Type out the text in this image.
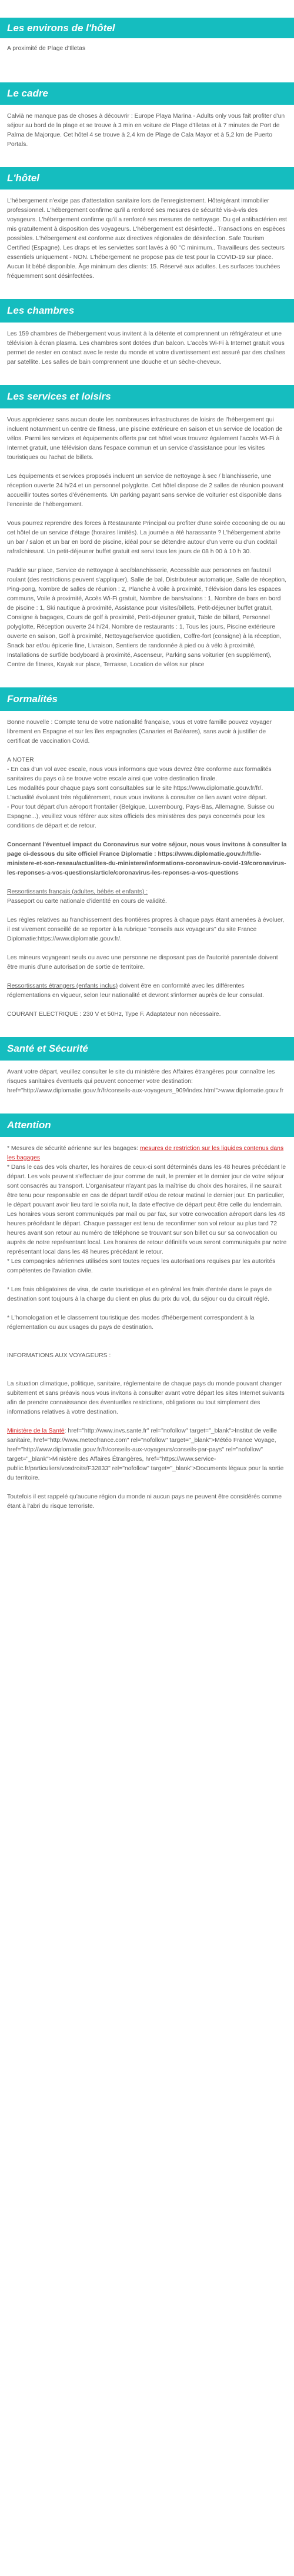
Les environs de l'hôtel

A proximité de Plage d'Illetas

Le cadre

Calvià ne manque pas de choses à découvrir : Europe Playa Marina - Adults only vous fait profiter d'un séjour au bord de la plage et se trouve à 3 min en voiture de Plage d'Illetas et à 7 minutes de Port de Palma de Majorque. Cet hôtel 4 se trouve à 2,4 km de Plage de Cala Mayor et à 5,2 km de Puerto Portals.

L'hôtel

L'hébergement n'exige pas d'attestation sanitaire lors de l'enregistrement. Hôte/gérant immobilier professionnel. L'hébergement confirme qu'il a renforcé ses mesures de sécurité vis-à-vis des voyageurs. L'hébergement confirme qu'il a renforcé ses mesures de nettoyage. Du gel antibactérien est mis gratuitement à disposition des voyageurs. L'hébergement est désinfecté.. Transactions en espèces possibles. L'hébergement est conforme aux directives régionales de désinfection. Safe Tourism Certified (Espagne). Les draps et les serviettes sont lavés à 60 °C minimum.. Travailleurs des secteurs essentiels uniquement - NON. L'hébergement ne propose pas de test pour la COVID-19 sur place. Aucun lit bébé disponible. Âge minimum des clients: 15. Réservé aux adultes. Les surfaces touchées fréquemment sont désinfectées.

Les chambres

Les 159 chambres de l'hébergement vous invitent à la détente et comprennent un réfrigérateur et une télévision à écran plasma. Les chambres sont dotées d'un balcon. L'accès Wi-Fi à Internet gratuit vous permet de rester en contact avec le reste du monde et votre divertissement est assuré par des chaînes par satellite. Les salles de bain comprennent une douche et un sèche-cheveux.

Les services et loisirs

Vous apprécierez sans aucun doute les nombreuses infrastructures de loisirs de l'hébergement qui incluent notamment un centre de fitness, une piscine extérieure en saison et un service de location de vélos. Parmi les services et équipements offerts par cet hôtel vous trouvez également l'accès Wi-Fi à Internet gratuit, une télévision dans l'espace commun et un service d'assistance pour les visites touristiques ou l'achat de billets.

Les équipements et services proposés incluent un service de nettoyage à sec / blanchisserie, une réception ouverte 24 h/24 et un personnel polyglotte. Cet hôtel dispose de 2 salles de réunion pouvant accueillir toutes sortes d'événements. Un parking payant sans service de voiturier est disponible dans l'enceinte de l'hébergement.

Vous pourrez reprendre des forces à Restaurante Principal ou profiter d'une soirée cocooning de ou au cet hôtel de un service d'étage (horaires limités). La journée a été harassante ? L'hébergement abrite un bar / salon et un bar en bord de piscine, idéal pour se détendre autour d'un verre ou d'un cocktail rafraîchissant. Un petit-déjeuner buffet gratuit est servi tous les jours de 08 h 00 à 10 h 30.

Paddle sur place, Service de nettoyage à sec/blanchisserie, Accessible aux personnes en fauteuil roulant (des restrictions peuvent s'appliquer), Salle de bal, Distributeur automatique, Salle de réception, Ping-pong, Nombre de salles de réunion : 2, Planche à voile à proximité, Télévision dans les espaces communs, Voile à proximité, Accès Wi-Fi gratuit, Nombre de bars/salons : 1, Nombre de bars en bord de piscine : 1, Ski nautique à proximité, Assistance pour visites/billets, Petit-déjeuner buffet gratuit, Consigne à bagages, Cours de golf à proximité, Petit-déjeuner gratuit, Table de billard, Personnel polyglotte, Réception ouverte 24 h/24, Nombre de restaurants : 1, Tous les jours, Piscine extérieure ouverte en saison, Golf à proximité, Nettoyage/service quotidien, Coffre-fort (consigne) à la réception, Snack bar et/ou épicerie fine, Livraison, Sentiers de randonnée à pied ou à vélo à proximité, Installations de surf/de bodyboard à proximité, Ascenseur, Parking sans voiturier (en supplément), Centre de fitness, Kayak sur place, Terrasse, Location de vélos sur place

Formalités

Bonne nouvelle : Compte tenu de votre nationalité française, vous et votre famille pouvez voyager librement en Espagne et sur les îles espagnoles (Canaries et Baléares), sans avoir à justifier de certificat de vaccination Covid.

A NOTER

- En cas d'un vol avec escale, nous vous informons que vous devrez être conforme aux formalités sanitaires du pays où se trouve votre escale ainsi que votre destination finale.

Les modalités pour chaque pays sont consultables sur le site https://www.diplomatie.gouv.fr/fr/. L'actualité évoluant très régulièrement, nous vous invitons à consulter ce lien avant votre départ.

- Pour tout départ d'un aéroport frontalier (Belgique, Luxembourg, Pays-Bas, Allemagne, Suisse ou Espagne...), veuillez vous référer aux sites officiels des ministères des pays concernés pour les conditions de départ et de retour.

Concernant l'éventuel impact du Coronavirus sur votre séjour, nous vous invitons à consulter la page ci-dessous du site officiel France Diplomatie : https://www.diplomatie.gouv.fr/fr/le-ministere-et-son-reseau/actualites-du-ministere/informations-coronavirus-covid-19/coronavirus-les-reponses-a-vos-questions/article/coronavirus-les-reponses-a-vos-questions

Ressortissants français (adultes, bébés et enfants) :

Passeport ou carte nationale d'identité en cours de validité.

Les règles relatives au franchissement des frontières propres à chaque pays étant amenées à évoluer, il est vivement conseillé de se reporter à la rubrique "conseils aux voyageurs" du site France Diplomatie:https://www.diplomatie.gouv.fr/.

Les mineurs voyageant seuls ou avec une personne ne disposant pas de l'autorité parentale doivent être munis d'une autorisation de sortie de territoire.

Ressortissants étrangers (enfants inclus) doivent être en conformité avec les différentes réglementations en vigueur, selon leur nationalité et devront s'informer auprès de leur consulat.

COURANT ELECTRIQUE : 230 V et 50Hz, Type F. Adaptateur non nécessaire.

Santé et Sécurité

Avant votre départ, veuillez consulter le site du ministère des Affaires étrangères pour connaître les risques sanitaires éventuels qui peuvent concerner votre destination: href="http://www.diplomatie.gouv.fr/fr/conseils-aux-voyageurs_909/index.html">www.diplomatie.gouv.fr

Attention

* Mesures de sécurité aérienne sur les bagages: mesures de restriction sur les liquides contenus dans les bagages

* Dans le cas des vols charter, les horaires de ceux-ci sont déterminés dans les 48 heures précédant le départ. Les vols peuvent s'effectuer de jour comme de nuit, le premier et le dernier jour de votre séjour sont consacrés au transport. L'organisateur n'ayant pas la maîtrise du choix des horaires, il ne saurait être tenu pour responsable en cas de départ tardif et/ou de retour matinal le dernier jour. En particulier, le départ pouvant avoir lieu tard le soir/la nuit, la date effective de départ peut être celle du lendemain. Les horaires vous seront communiqués par mail ou par fax, sur votre convocation aéroport dans les 48 heures précédant le départ. Chaque passager est tenu de reconfirmer son vol retour au plus tard 72 heures avant son retour au numéro de téléphone se trouvant sur son billet ou sur sa convocation ou auprès de notre représentant local. Les horaires de retour définitifs vous seront communiqués par notre représentant local dans les 48 heures précédant le retour.

* Les compagnies aériennes utilisées sont toutes reçues les autorisations requises par les autorités compétentes de l'aviation civile.

* Les frais obligatoires de visa, de carte touristique et en général les frais d'entrée dans le pays de destination sont toujours à la charge du client en plus du prix du vol, du séjour ou du circuit réglé.

* L'homologation et le classement touristique des modes d'hébergement correspondent à la réglementation ou aux usages du pays de destination.

INFORMATIONS AUX VOYAGEURS :

La situation climatique, politique, sanitaire, réglementaire de chaque pays du monde pouvant changer subitement et sans préavis nous vous invitons à consulter avant votre départ les sites Internet suivants afin de prendre connaissance des éventuelles restrictions, obligations ou tout simplement des informations relatives à votre destination.

Ministère de la Santé: href="http://www.invs.sante.fr" rel="nofollow" target="_blank">Institut de veille sanitaire, href="http://www.meteofrance.com" rel="nofollow" target="_blank">Météo France Voyage, href="http://www.diplomatie.gouv.fr/fr/conseils-aux-voyageurs/conseils-par-pays" rel="nofollow" target="_blank">Ministère des Affaires Étrangères, href="https://www.service-public.fr/particuliers/vosdroits/F32833" rel="nofollow" target="_blank">Documents légaux pour la sortie du territoire.

Toutefois il est rappelé qu'aucune région du monde ni aucun pays ne peuvent être considérés comme étant à l'abri du risque terroriste.
